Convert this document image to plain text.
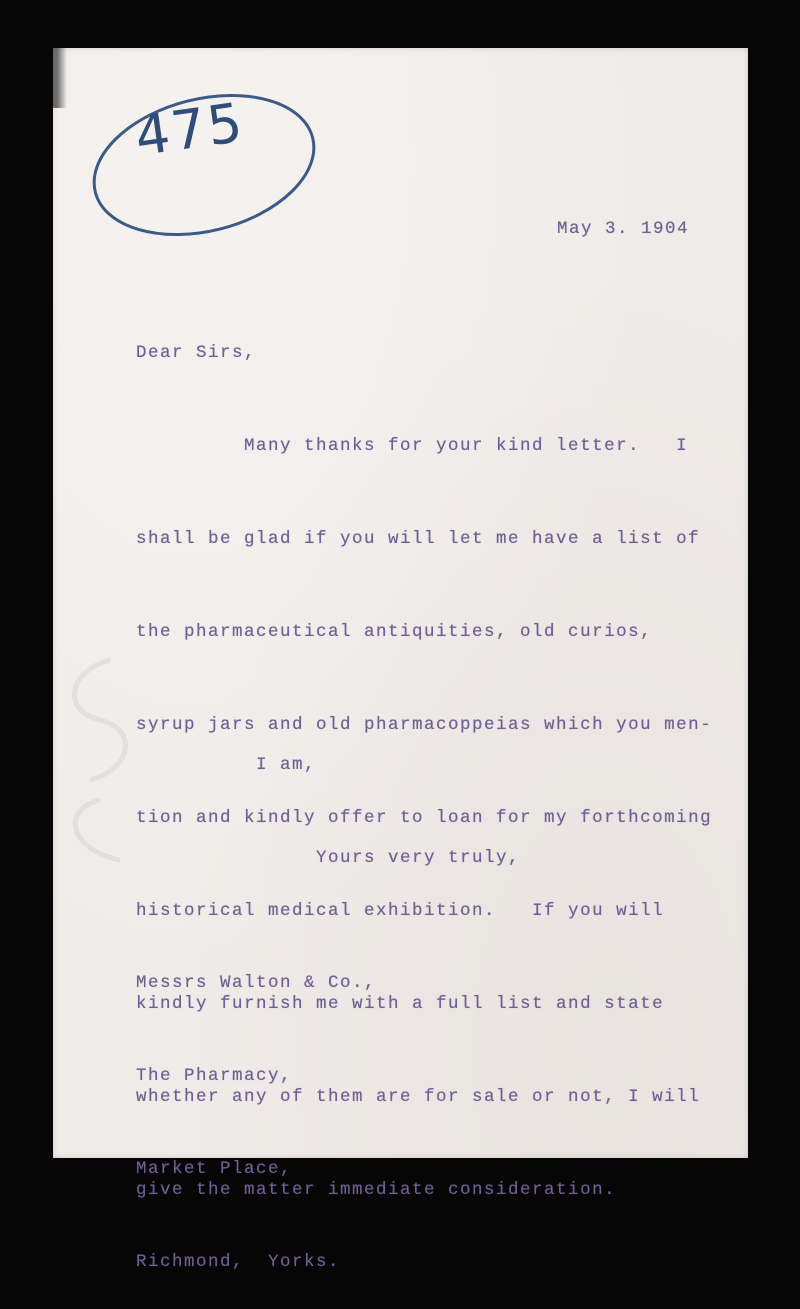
475
May 3. 1904
Dear Sirs,

Many thanks for your kind letter.   I

shall be glad if you will let me have a list of

the pharmaceutical antiquities, old curios,

syrup jars and old pharmacoppeias which you men-

tion and kindly offer to loan for my forthcoming

historical medical exhibition.   If you will

kindly furnish me with a full list and state

whether any of them are for sale or not, I will

give the matter immediate consideration.

I am,

Yours very truly,

Messrs Walton & Co.,

The Pharmacy,

Market Place,

Richmond,  Yorks.
